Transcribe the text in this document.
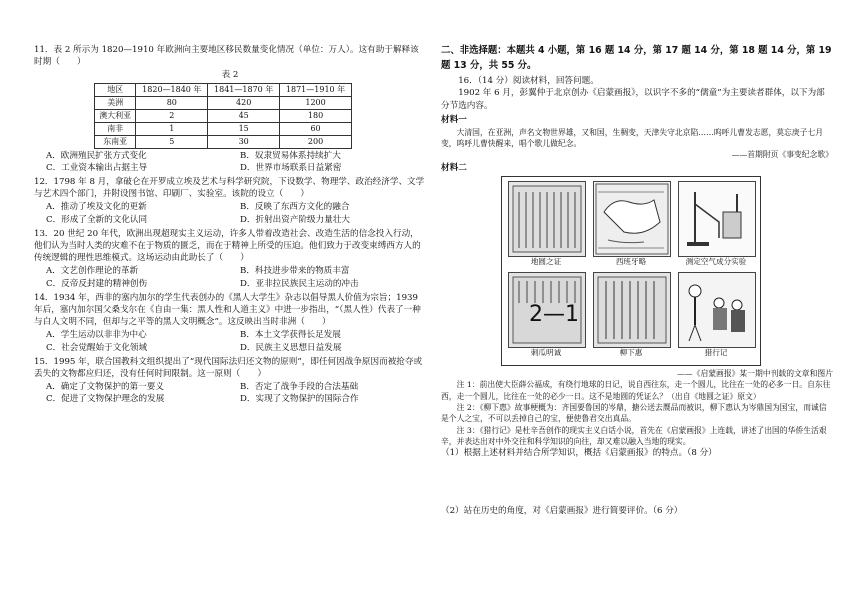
11．表 2 所示为 1820—1910 年欧洲向主要地区移民数量变化情况（单位：万人）。这有助于解释该时期（　　）

表 2
地区	1820—1840 年	1841—1870 年	1871—1910 年
美洲	80	420	1200
澳大利亚	2	45	180
南非	1	15	60
东南亚	5	30	200
A．欧洲殖民扩张方式变化	B．奴隶贸易体系持续扩大
C．工业资本输出占据主导	D．世界市场联系日益紧密

12．1798 年 8 月，拿破仑在开罗成立埃及艺术与科学研究院，下设数学、物理学、政治经济学、文学与艺术四个部门，并附设图书馆、印刷厂、实验室。该院的设立（　　）

A．推动了埃及文化的更新	B．反映了东西方文化的融合
C．形成了全新的文化认同	D．折射出资产阶级力量壮大

13．20 世纪 20 年代，欧洲出现超现实主义运动，许多人带着改造社会、改造生活的信念投入行动，他们认为当时人类的灾难不在于物质的匮乏，而在于精神上所受的压迫。他们致力于改变束缚西方人的传统逻辑的理性思维模式。这场运动由此助长了（　　）

A．文艺创作理论的革新	B．科技进步带来的物质丰富
C．反帝反封建的精神创伤	D．亚非拉民族民主运动的冲击

14．1934 年，西非的塞内加尔的学生代表创办的《黑人大学生》杂志以倡导黑人价值为宗旨；1939 年后，塞内加尔国父桑戈尔在《自由一集：黑人性和人道主义》中进一步指出，“（黑人性）代表了一种与白人文明不同，但却与之平等的黑人文明概念”。这反映出当时非洲（　　）

A．学生运动以非非为中心	B．本土文学获得长足发展
C．社会觉醒始于文化领域	D．民族主义思想日益发展

15．1995 年，联合国教科文组织提出了“现代国际法归还文物的原则”，即任何因战争原因而被抢夺或丢失的文物都应归还，没有任何时间限制。这一原则（　　）

A．确定了文物保护的第一要义	B．否定了战争手段的合法基础
C．促进了文物保护理念的发展	D．实现了文物保护的国际合作

二、非选择题：本题共 4 小题，第 16 题 14 分，第 17 题 14 分，第 18 题 14 分，第 19 题 13 分，共 55 分。

16．（14 分）阅读材料，回答问题。

1902 年 6 月，彭翼仲于北京创办《启蒙画报》，以识字不多的“儒童”为主要读者群体，以下为部分节选内容。

材料一

大清国，在亚洲，声名文物世界雄，又和国，生稠变，天津失守北京陷……呜呼儿曹发志愿，莫忘庚子七月变，呜呼儿曹快醒来，唱个歌儿做纪念。

——首期附页《事变纪念歌》

材料二
地圆之证	西班牙略	测定空气成分实验
2—1
刺瓜明诚	柳下惠	猎行记

——《启蒙画报》某一期中刊载的文章和图片

注 1：前出使大臣薛公福成，有绕行地球的日记，说自西往东，走一个圆儿，比往在一处的必多一日。自东往西，走一个圆儿，比往在一处的必少一日。这不是地圆的凭证么？（出自《地圆之证》原文）

注 2：《柳下惠》故事梗概为：齐国要鲁国的岑鼎，搪公送去赝品而被识，柳下惠认为岑鼎国为国宝，而诚信是个人之宝，不可以丢掉自己的宝，便使鲁君交出真品。

注 3：《猎行记》是杜辛吾创作的现实主义白话小说，首先在《启蒙画报》上连载，讲述了出国的华侨生活艰辛，并表达出对中外交往和科学知识的向往，却又难以融入当地的现实。

（1）根据上述材料并结合所学知识，概括《启蒙画报》的特点。（8 分）

（2）站在历史的角度，对《启蒙画报》进行简要评价。（6 分）
